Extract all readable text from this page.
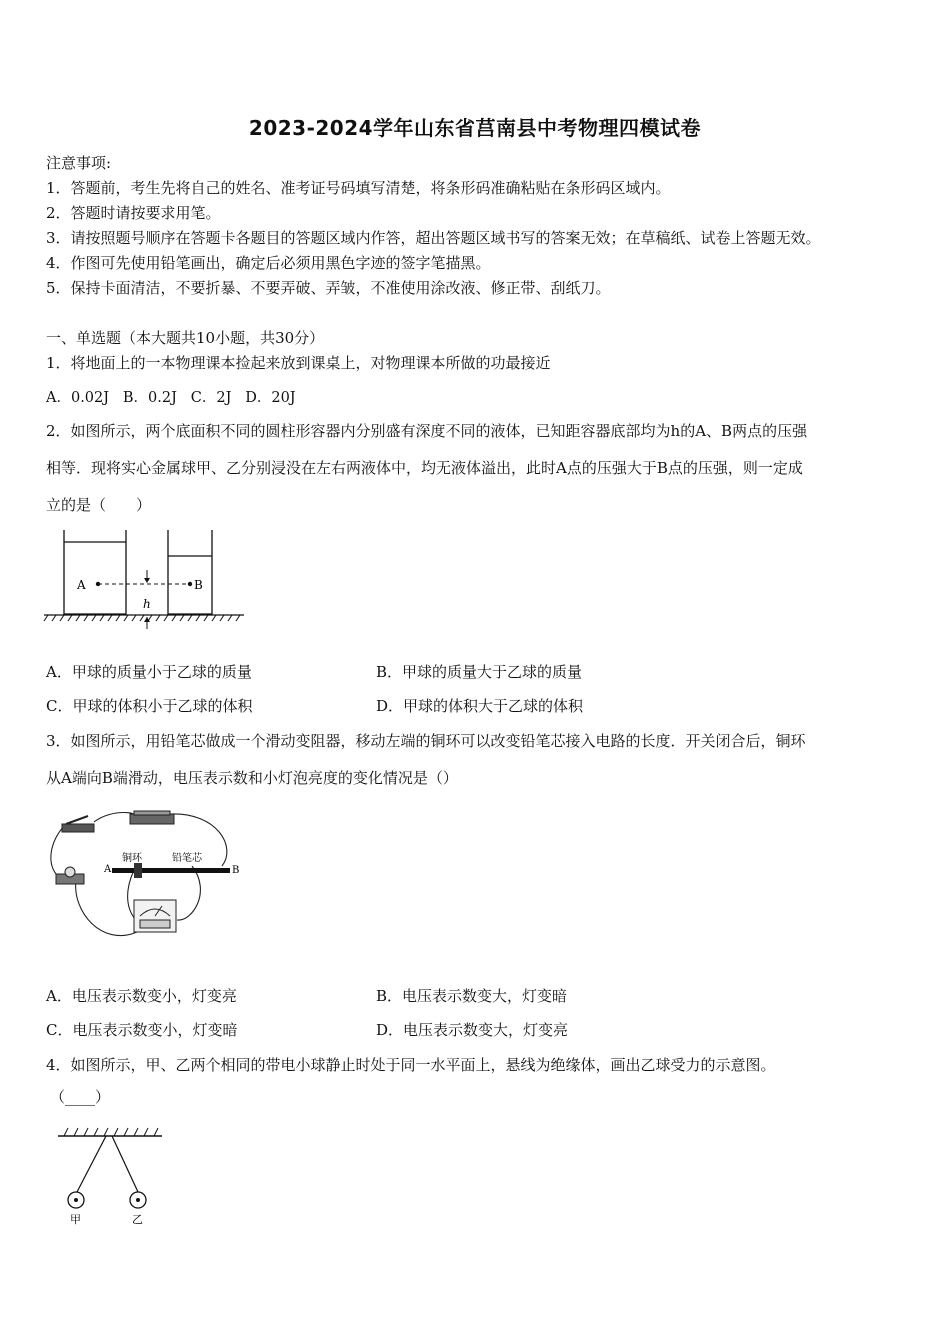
2023-2024学年山东省莒南县中考物理四模试卷
注意事项:
1．答题前，考生先将自己的姓名、准考证号码填写清楚，将条形码准确粘贴在条形码区域内。
2．答题时请按要求用笔。
3．请按照题号顺序在答题卡各题目的答题区域内作答，超出答题区域书写的答案无效；在草稿纸、试卷上答题无效。
4．作图可先使用铅笔画出，确定后必须用黑色字迹的签字笔描黑。
5．保持卡面清洁，不要折暴、不要弄破、弄皱，不准使用涂改液、修正带、刮纸刀。
一、单选题（本大题共10小题，共30分）
1．将地面上的一本物理课本捡起来放到课桌上，对物理课本所做的功最接近
A．0.02J   B．0.2J   C．2J   D．20J
2．如图所示，两个底面积不同的圆柱形容器内分别盛有深度不同的液体，已知距容器底部均为h的A、B两点的压强
相等．现将实心金属球甲、乙分别浸没在左右两液体中，均无液体溢出，此时A点的压强大于B点的压强，则一定成
立的是（　　）
A	B
h
A．甲球的质量小于乙球的质量	B．甲球的质量大于乙球的质量
C．甲球的体积小于乙球的体积	D．甲球的体积大于乙球的体积
3．如图所示，用铅笔芯做成一个滑动变阻器，移动左端的铜环可以改变铅笔芯接入电路的长度．开关闭合后，铜环
从A端向B端滑动，电压表示数和小灯泡亮度的变化情况是（）
A	B
铜环	铅笔芯
A．电压表示数变小，灯变亮	B．电压表示数变大，灯变暗
C．电压表示数变小，灯变暗	D．电压表示数变大，灯变亮
4．如图所示，甲、乙两个相同的带电小球静止时处于同一水平面上，悬线为绝缘体，画出乙球受力的示意图。
（____）
甲	乙
